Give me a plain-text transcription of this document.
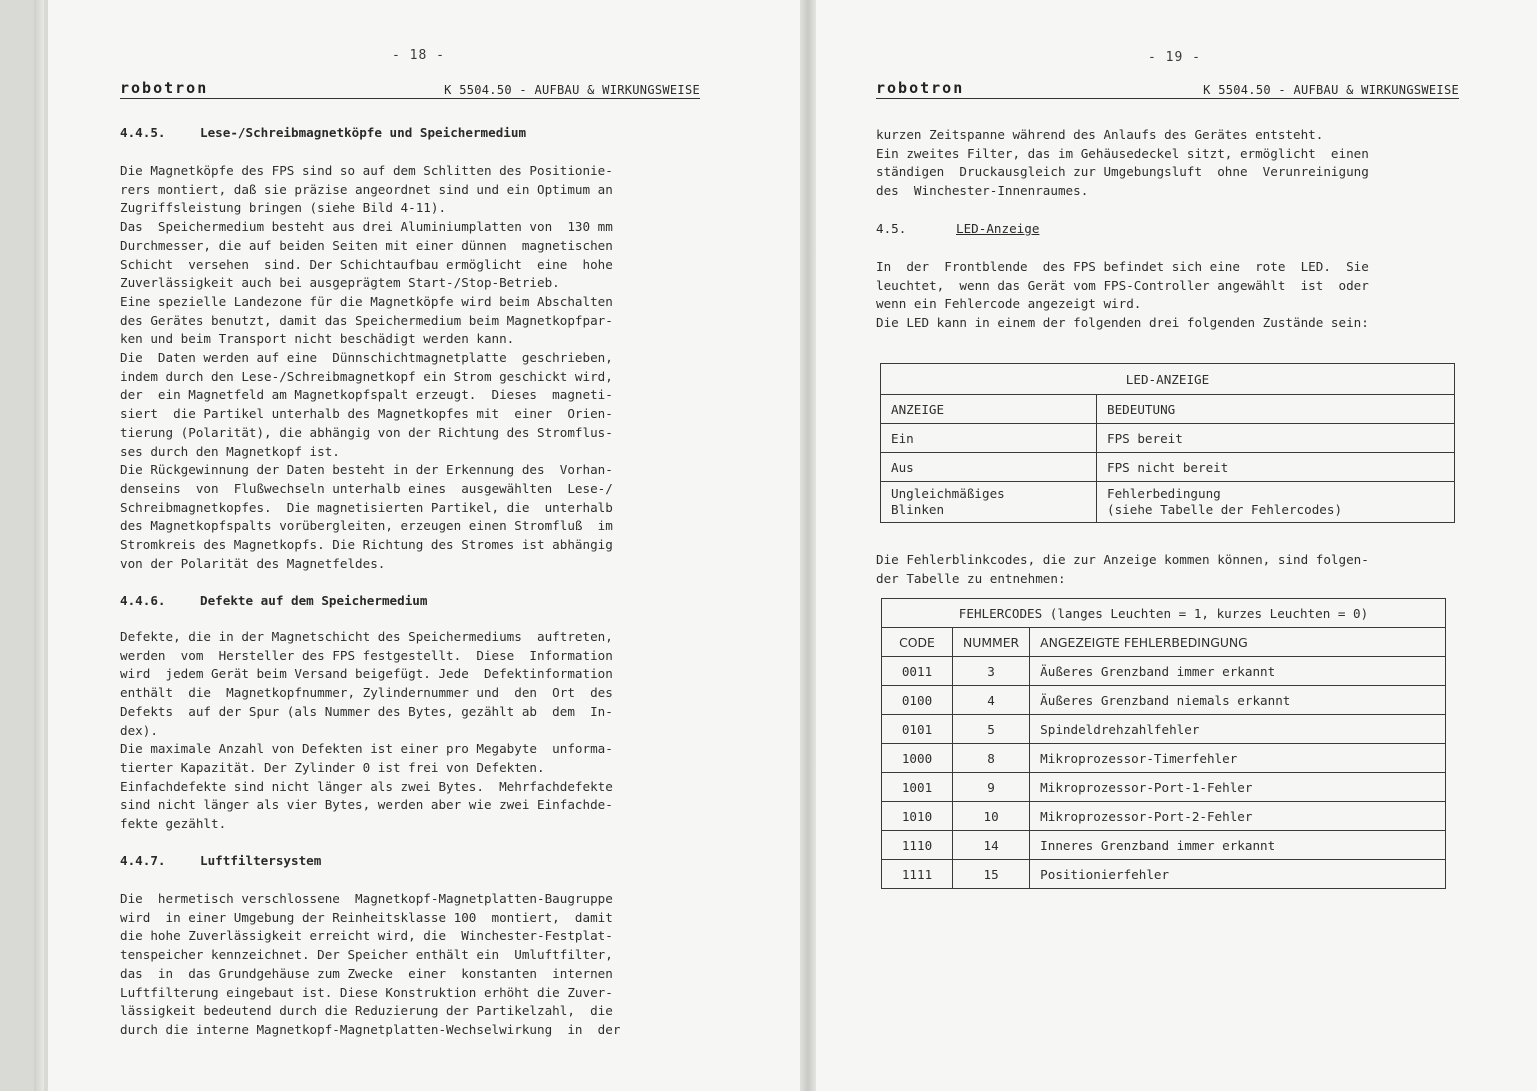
- 18 -
robotron	K 5504.50 - AUFBAU & WIRKUNGSWEISE
4.4.5.	Lese-/Schreibmagnetköpfe und Speichermedium
Die Magnetköpfe des FPS sind so auf dem Schlitten des Positionie-
rers montiert, daß sie präzise angeordnet sind und ein Optimum an
Zugriffsleistung bringen (siehe Bild 4-11).
Das  Speichermedium besteht aus drei Aluminiumplatten von  130 mm
Durchmesser, die auf beiden Seiten mit einer dünnen  magnetischen
Schicht  versehen  sind. Der Schichtaufbau ermöglicht  eine  hohe
Zuverlässigkeit auch bei ausgeprägtem Start-/Stop-Betrieb.
Eine spezielle Landezone für die Magnetköpfe wird beim Abschalten
des Gerätes benutzt, damit das Speichermedium beim Magnetkopfpar-
ken und beim Transport nicht beschädigt werden kann.
Die  Daten werden auf eine  Dünnschichtmagnetplatte  geschrieben,
indem durch den Lese-/Schreibmagnetkopf ein Strom geschickt wird,
der  ein Magnetfeld am Magnetkopfspalt erzeugt.  Dieses  magneti-
siert  die Partikel unterhalb des Magnetkopfes mit  einer  Orien-
tierung (Polarität), die abhängig von der Richtung des Stromflus-
ses durch den Magnetkopf ist.
Die Rückgewinnung der Daten besteht in der Erkennung des  Vorhan-
denseins  von  Flußwechseln unterhalb eines  ausgewählten  Lese-/
Schreibmagnetkopfes.  Die magnetisierten Partikel, die  unterhalb
des Magnetkopfspalts vorübergleiten, erzeugen einen Stromfluß  im
Stromkreis des Magnetkopfs. Die Richtung des Stromes ist abhängig
von der Polarität des Magnetfeldes.
4.4.6.	Defekte auf dem Speichermedium
Defekte, die in der Magnetschicht des Speichermediums  auftreten,
werden  vom  Hersteller des FPS festgestellt.  Diese  Information
wird  jedem Gerät beim Versand beigefügt. Jede  Defektinformation
enthält  die  Magnetkopfnummer, Zylindernummer und  den  Ort  des
Defekts  auf der Spur (als Nummer des Bytes, gezählt ab  dem  In-
dex).
Die maximale Anzahl von Defekten ist einer pro Megabyte  unforma-
tierter Kapazität. Der Zylinder 0 ist frei von Defekten.
Einfachdefekte sind nicht länger als zwei Bytes.  Mehrfachdefekte
sind nicht länger als vier Bytes, werden aber wie zwei Einfachde-
fekte gezählt.
4.4.7.	Luftfiltersystem
Die  hermetisch verschlossene  Magnetkopf-Magnetplatten-Baugruppe
wird  in einer Umgebung der Reinheitsklasse 100  montiert,  damit
die hohe Zuverlässigkeit erreicht wird, die  Winchester-Festplat-
tenspeicher kennzeichnet. Der Speicher enthält ein  Umluftfilter,
das  in  das Grundgehäuse zum Zwecke  einer  konstanten  internen
Luftfilterung eingebaut ist. Diese Konstruktion erhöht die Zuver-
lässigkeit bedeutend durch die Reduzierung der Partikelzahl,  die
durch die interne Magnetkopf-Magnetplatten-Wechselwirkung  in  der
- 19 -
robotron	K 5504.50 - AUFBAU & WIRKUNGSWEISE
kurzen Zeitspanne während des Anlaufs des Gerätes entsteht.
Ein zweites Filter, das im Gehäusedeckel sitzt, ermöglicht  einen
ständigen  Druckausgleich zur Umgebungsluft  ohne  Verunreinigung
des  Winchester-Innenraumes.
4.5.	LED-Anzeige
In  der  Frontblende  des FPS befindet sich eine  rote  LED.  Sie
leuchtet,  wenn das Gerät vom FPS-Controller angewählt  ist  oder
wenn ein Fehlercode angezeigt wird.
Die LED kann in einem der folgenden drei folgenden Zustände sein:
LED-ANZEIGE	
ANZEIGE	BEDEUTUNG
Ein	FPS bereit
Aus	FPS nicht bereit
Ungleichmäßiges
Blinken	Fehlerbedingung
(siehe Tabelle der Fehlercodes)
Die Fehlerblinkcodes, die zur Anzeige kommen können, sind folgen-
der Tabelle zu entnehmen:
FEHLERCODES (langes Leuchten = 1, kurzes Leuchten = 0)		
CODE	NUMMER	ANGEZEIGTE FEHLERBEDINGUNG
0011	3	Äußeres Grenzband immer erkannt
0100	4	Äußeres Grenzband niemals erkannt
0101	5	Spindeldrehzahlfehler
1000	8	Mikroprozessor-Timerfehler
1001	9	Mikroprozessor-Port-1-Fehler
1010	10	Mikroprozessor-Port-2-Fehler
1110	14	Inneres Grenzband immer erkannt
1111	15	Positionierfehler
